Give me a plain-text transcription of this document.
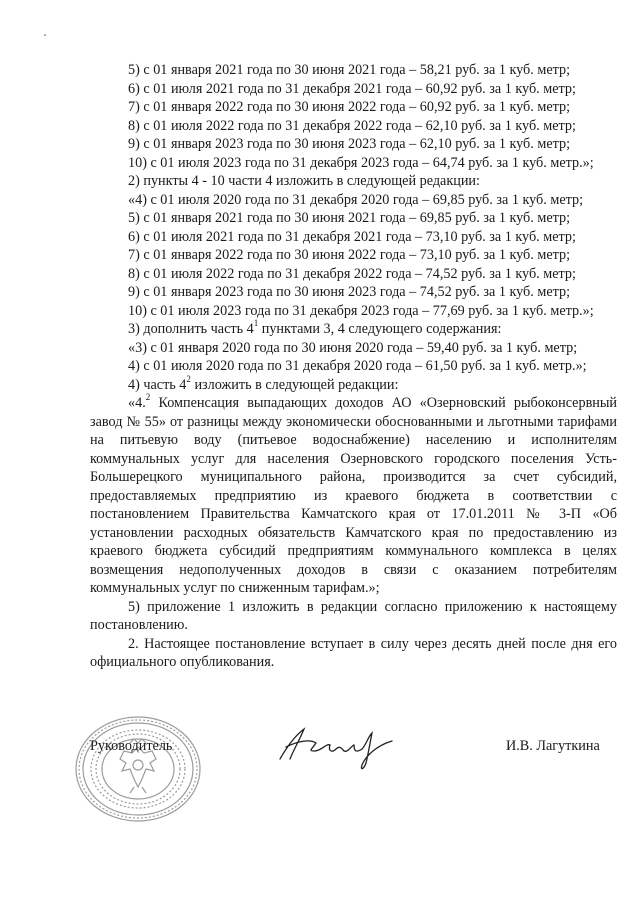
5) с 01 января 2021 года по 30 июня 2021 года – 58,21 руб. за 1 куб. метр;

6) с 01 июля 2021 года по 31 декабря 2021 года – 60,92 руб. за 1 куб. метр;

7) с 01 января 2022 года по 30 июня 2022 года – 60,92 руб. за 1 куб. метр;

8) с 01 июля 2022 года по 31 декабря 2022 года – 62,10 руб. за 1 куб. метр;

9) с 01 января 2023 года по 30 июня 2023 года – 62,10 руб. за 1 куб. метр;

10) с 01 июля 2023 года по 31 декабря 2023 года – 64,74 руб. за 1 куб. метр.»;

2) пункты 4 - 10 части 4 изложить в следующей редакции:

«4) с 01 июля 2020 года по 31 декабря 2020 года – 69,85 руб. за 1 куб. метр;

5) с 01 января 2021 года по 30 июня 2021 года – 69,85 руб. за 1 куб. метр;

6) с 01 июля 2021 года по 31 декабря 2021 года – 73,10 руб. за 1 куб. метр;

7) с 01 января 2022 года по 30 июня 2022 года – 73,10 руб. за 1 куб. метр;

8) с 01 июля 2022 года по 31 декабря 2022 года – 74,52 руб. за 1 куб. метр;

9) с 01 января 2023 года по 30 июня 2023 года – 74,52 руб. за 1 куб. метр;

10) с 01 июля 2023 года по 31 декабря 2023 года – 77,69 руб. за 1 куб. метр.»;

3) дополнить часть $4^1$ пунктами 3, 4 следующего содержания:

«3) с 01 января 2020 года по 30 июня 2020 года – 59,40 руб. за 1 куб. метр;

4) с 01 июля 2020 года по 31 декабря 2020 года – 61,50 руб. за 1 куб. метр.»;

4) часть $4^2$ изложить в следующей редакции:

«4.$^2$ Компенсация выпадающих доходов АО «Озерновский рыбоконсервный завод № 55» от разницы между экономически обоснованными и льготными тарифами на питьевую воду (питьевое водоснабжение) населению и исполнителям коммунальных услуг для населения Озерновского городского поселения Усть-Большерецкого муниципального района, производится за счет субсидий, предоставляемых предприятию из краевого бюджета в соответствии с постановлением Правительства Камчатского края от 17.01.2011 № 3-П «Об установлении расходных обязательств Камчатского края по предоставлению из краевого бюджета субсидий предприятиям коммунального комплекса в целях возмещения недополученных доходов в связи с оказанием потребителям коммунальных услуг по сниженным тарифам.»;

5) приложение 1 изложить в редакции согласно приложению к настоящему постановлению.

2. Настоящее постановление вступает в силу через десять дней после дня его официального опубликования.

Руководитель	И.В. Лагуткина
